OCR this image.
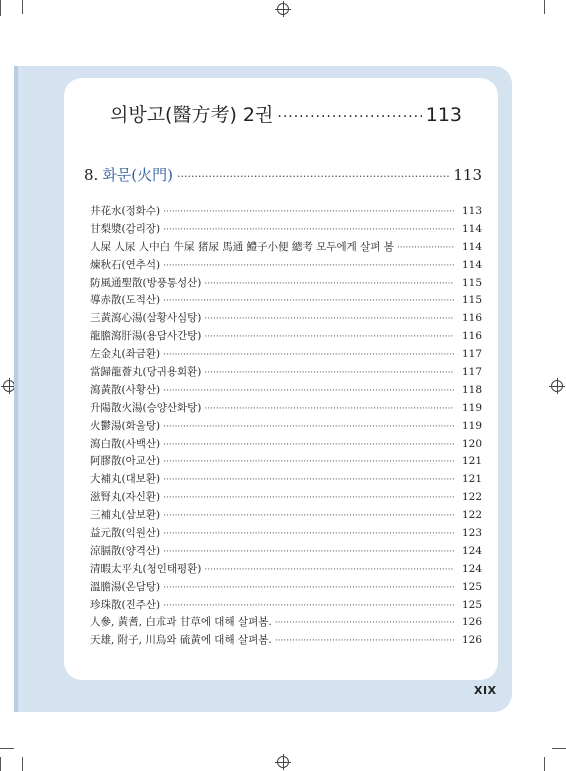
의방고(醫方考) 2권 ·····	113
8. 화문(火門) ·····	113
井花水(정화수) ·····	113
甘梨漿(감리장) ·····	114
人屎 人尿 人中白 牛屎 猪尿 馬通 鱧子小便 總考 모두에게 살펴 봄 ·····	114
煉秋石(연추석) ·····	114
防風通聖散(방풍통성산) ·····	115
導赤散(도적산) ·····	115
三黃瀉心湯(삼황사심탕) ·····	116
龍膽瀉肝湯(용담사간탕) ·····	116
左金丸(좌금환) ·····	117
當歸龍薈丸(당귀용회환) ·····	117
瀉黃散(사황산) ·····	118
升陽散火湯(승양산화탕) ·····	119
火鬱湯(화울탕) ·····	119
瀉白散(사백산) ·····	120
阿膠散(아교산) ·····	121
大補丸(대보환) ·····	121
滋腎丸(자신환) ·····	122
三補丸(삼보환) ·····	122
益元散(익원산) ·····	123
涼膈散(양격산) ·····	124
清暇太平丸(청인태평환) ·····	124
溫膽湯(온담탕) ·····	125
珍珠散(진주산) ·····	125
人參, 黃耆, 白朮과 甘草에 대해 살펴봄. ·····	126
天雄, 附子, 川烏와 硫黃에 대해 살펴봄. ·····	126
XIX
